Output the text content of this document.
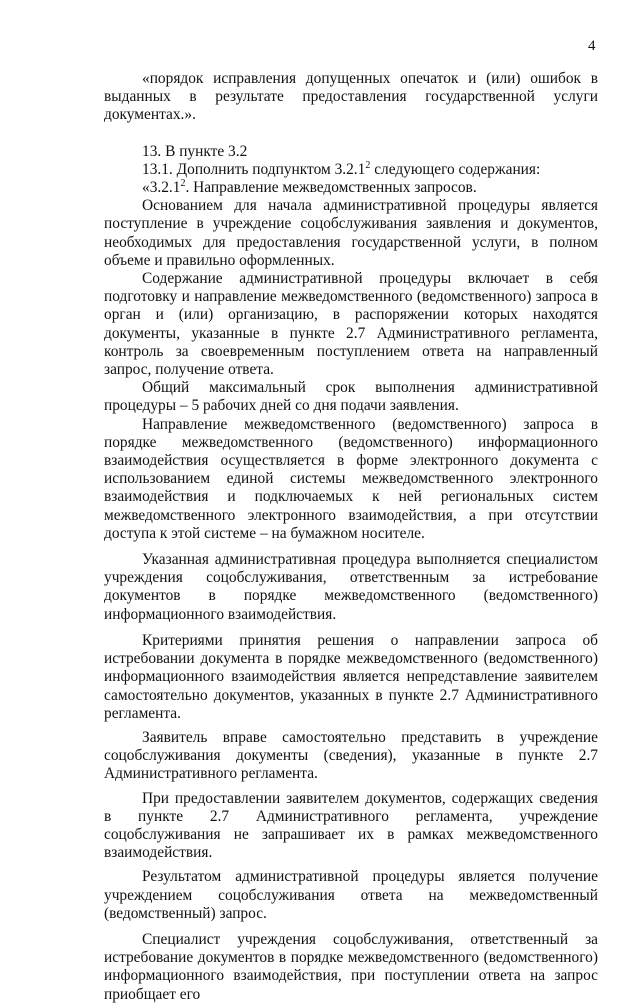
4

«порядок исправления допущенных опечаток и (или) ошибок в выданных в результате предоставления государственной услуги документах.».

13. В пункте 3.2

13.1. Дополнить подпунктом 3.2.1$^2$ следующего содержания:

«3.2.1$^2$. Направление межведомственных запросов.

Основанием для начала административной процедуры является поступление в учреждение соцобслуживания заявления и документов, необходимых для предоставления государственной услуги, в полном объеме и правильно оформленных.

Содержание административной процедуры включает в себя подготовку и направление межведомственного (ведомственного) запроса в орган и (или) организацию, в распоряжении которых находятся документы, указанные в пункте 2.7 Административного регламента, контроль за своевременным поступлением ответа на направленный запрос, получение ответа.

Общий максимальный срок выполнения административной процедуры – 5 рабочих дней со дня подачи заявления.

Направление межведомственного (ведомственного) запроса в порядке межведомственного (ведомственного) информационного взаимодействия осуществляется в форме электронного документа с использованием единой системы межведомственного электронного взаимодействия и подключаемых к ней региональных систем межведомственного электронного взаимодействия, а при отсутствии доступа к этой системе – на бумажном носителе.

Указанная административная процедура выполняется специалистом учреждения соцобслуживания, ответственным за истребование документов в порядке межведомственного (ведомственного) информационного взаимодействия.

Критериями принятия решения о направлении запроса об истребовании документа в порядке межведомственного (ведомственного) информационного взаимодействия является непредставление заявителем самостоятельно документов, указанных в пункте 2.7 Административного регламента.

Заявитель вправе самостоятельно представить в учреждение соцобслуживания документы (сведения), указанные в пункте 2.7 Административного регламента.

При предоставлении заявителем документов, содержащих сведения в пункте 2.7 Административного регламента, учреждение соцобслуживания не запрашивает их в рамках межведомственного взаимодействия.

Результатом административной процедуры является получение учреждением соцобслуживания ответа на межведомственный (ведомственный) запрос.

Специалист учреждения соцобслуживания, ответственный за истребование документов в порядке межведомственного (ведомственного) информационного взаимодействия, при поступлении ответа на запрос приобщает его
